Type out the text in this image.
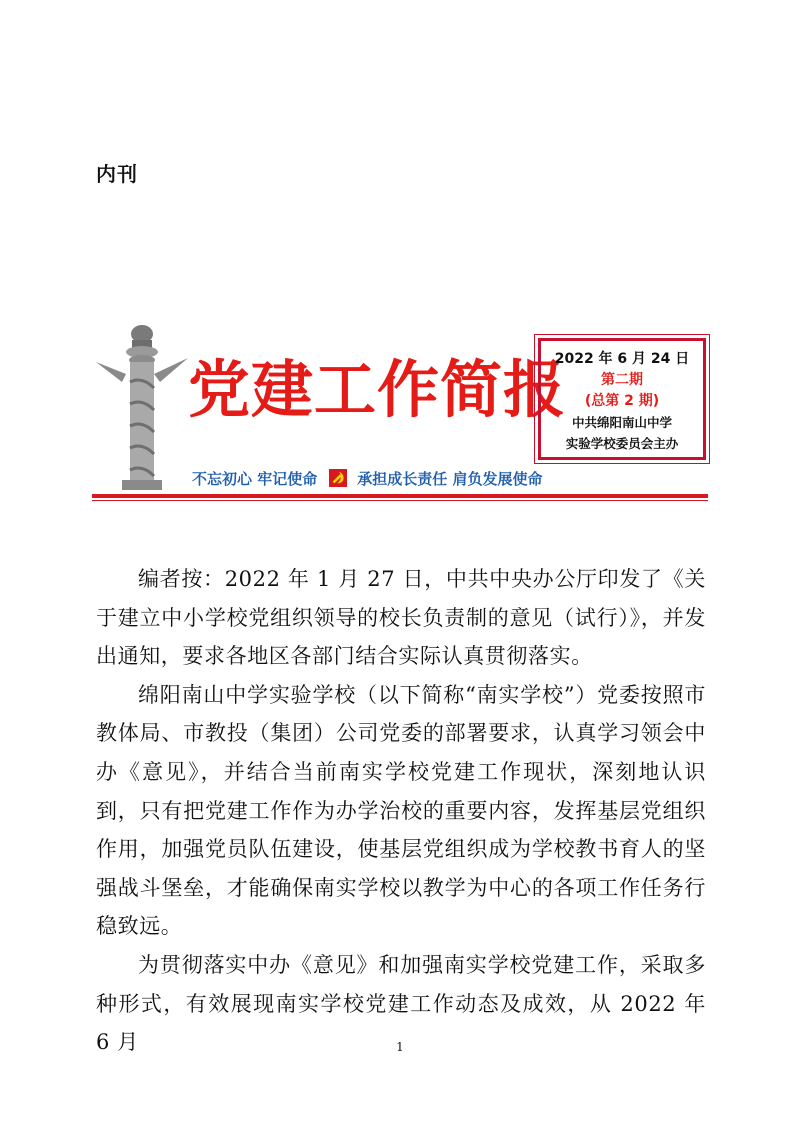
内刊
党建工作简报
2022 年 6 月 24 日
第二期
(总第 2 期)
中共绵阳南山中学
实验学校委员会主办
不忘初心 牢记使命	承担成长责任 肩负发展使命

编者按：2022 年 1 月 27 日，中共中央办公厅印发了《关于建立中小学校党组织领导的校长负责制的意见（试行）》，并发出通知，要求各地区各部门结合实际认真贯彻落实。

绵阳南山中学实验学校（以下简称“南实学校”）党委按照市教体局、市教投（集团）公司党委的部署要求，认真学习领会中办《意见》，并结合当前南实学校党建工作现状，深刻地认识到，只有把党建工作作为办学治校的重要内容，发挥基层党组织作用，加强党员队伍建设，使基层党组织成为学校教书育人的坚强战斗堡垒，才能确保南实学校以教学为中心的各项工作任务行稳致远。

为贯彻落实中办《意见》和加强南实学校党建工作，采取多种形式，有效展现南实学校党建工作动态及成效，从 2022 年 6 月	1
